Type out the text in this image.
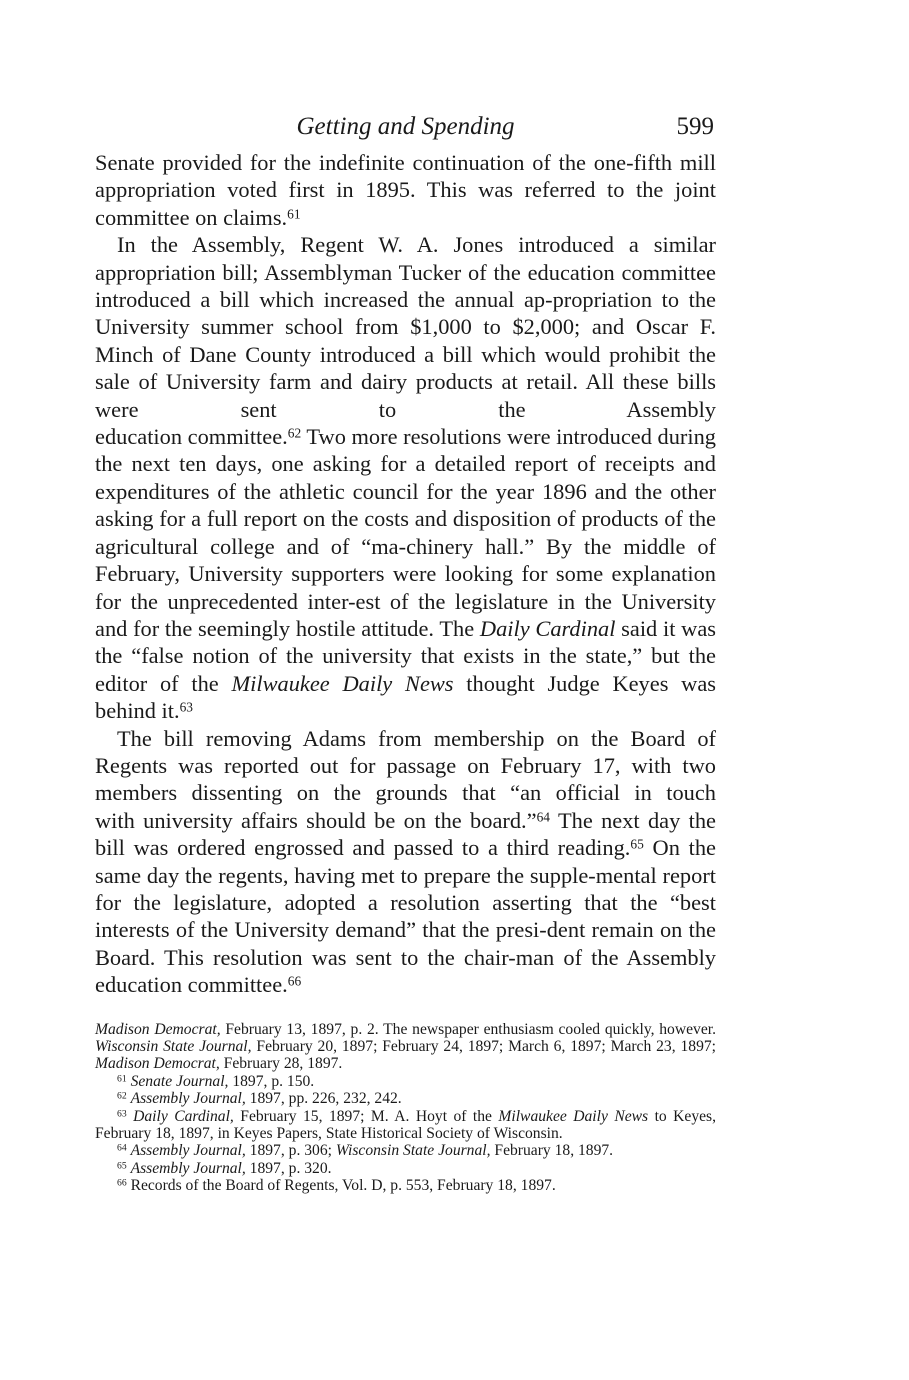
Getting and Spending	599

Senate provided for the indefinite continuation of the one-fifth mill appropriation voted first in 1895. This was referred to the joint committee on claims.$^{61}$

In the Assembly, Regent W. A. Jones introduced a similar appropriation bill; Assemblyman Tucker of the education committee introduced a bill which increased the annual ap-propriation to the University summer school from $1,000 to $2,000; and Oscar F. Minch of Dane County introduced a bill which would prohibit the sale of University farm and dairy products at retail. All these bills were sent to the Assembly education committee.$^{62}$ Two more resolutions were introduced during the next ten days, one asking for a detailed report of receipts and expenditures of the athletic council for the year 1896 and the other asking for a full report on the costs and disposition of products of the agricultural college and of “ma-chinery hall.” By the middle of February, University supporters were looking for some explanation for the unprecedented inter-est of the legislature in the University and for the seemingly hostile attitude. The Daily Cardinal said it was the “false notion of the university that exists in the state,” but the editor of the Milwaukee Daily News thought Judge Keyes was behind it.$^{63}$

The bill removing Adams from membership on the Board of Regents was reported out for passage on February 17, with two members dissenting on the grounds that “an official in touch with university affairs should be on the board.”$^{64}$ The next day the bill was ordered engrossed and passed to a third reading.$^{65}$ On the same day the regents, having met to prepare the supple-mental report for the legislature, adopted a resolution asserting that the “best interests of the University demand” that the presi-dent remain on the Board. This resolution was sent to the chair-man of the Assembly education committee.$^{66}$

Madison Democrat, February 13, 1897, p. 2. The newspaper enthusiasm cooled quickly, however. Wisconsin State Journal, February 20, 1897; February 24, 1897; March 6, 1897; March 23, 1897; Madison Democrat, February 28, 1897.

$^{61}$ Senate Journal, 1897, p. 150.

$^{62}$ Assembly Journal, 1897, pp. 226, 232, 242.

$^{63}$ Daily Cardinal, February 15, 1897; M. A. Hoyt of the Milwaukee Daily News to Keyes, February 18, 1897, in Keyes Papers, State Historical Society of Wisconsin.

$^{64}$ Assembly Journal, 1897, p. 306; Wisconsin State Journal, February 18, 1897.

$^{65}$ Assembly Journal, 1897, p. 320.

$^{66}$ Records of the Board of Regents, Vol. D, p. 553, February 18, 1897.
